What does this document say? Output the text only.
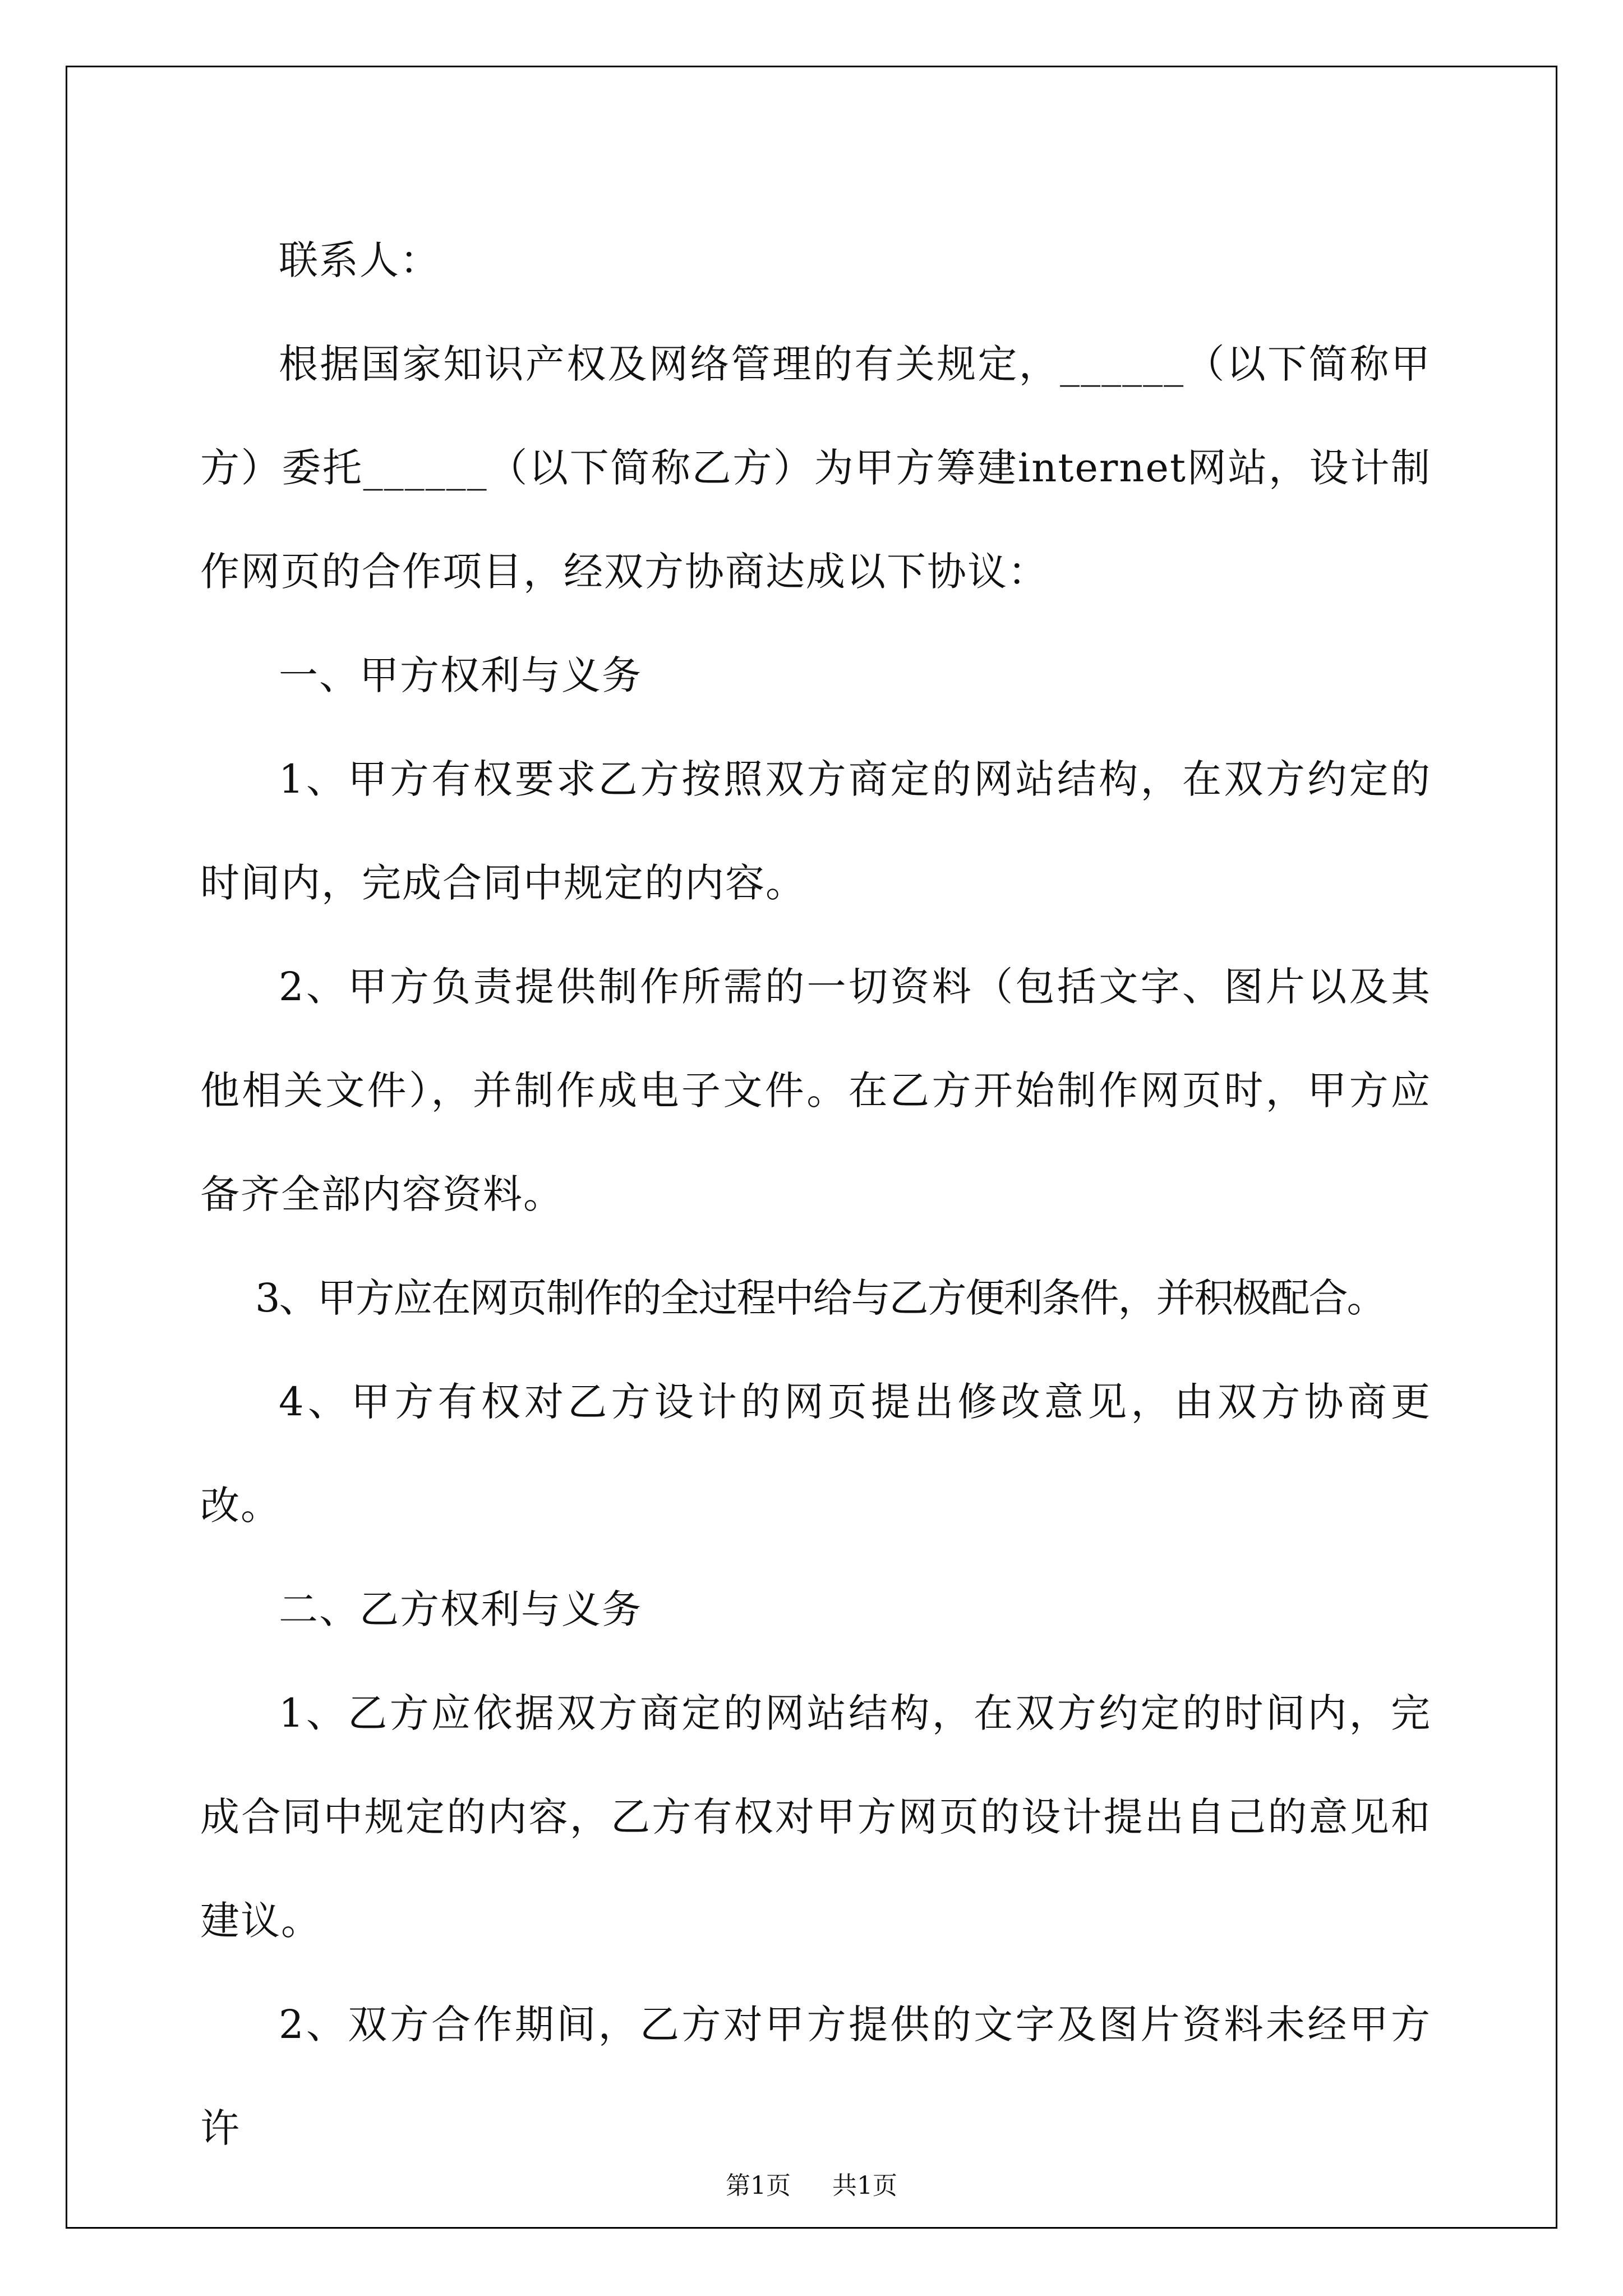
联系人：

根据国家知识产权及网络管理的有关规定，______（以下简称甲方）委托______（以下简称乙方）为甲方筹建internet网站，设计制作网页的合作项目，经双方协商达成以下协议：

一、甲方权利与义务

1、甲方有权要求乙方按照双方商定的网站结构，在双方约定的时间内，完成合同中规定的内容。

2、甲方负责提供制作所需的一切资料（包括文字、图片以及其他相关文件），并制作成电子文件。在乙方开始制作网页时，甲方应备齐全部内容资料。

3、甲方应在网页制作的全过程中给与乙方便利条件，并积极配合。

4、甲方有权对乙方设计的网页提出修改意见，由双方协商更改。

二、乙方权利与义务

1、乙方应依据双方商定的网站结构，在双方约定的时间内，完成合同中规定的内容，乙方有权对甲方网页的设计提出自己的意见和建议。

2、双方合作期间，乙方对甲方提供的文字及图片资料未经甲方许

第1页 共1页
